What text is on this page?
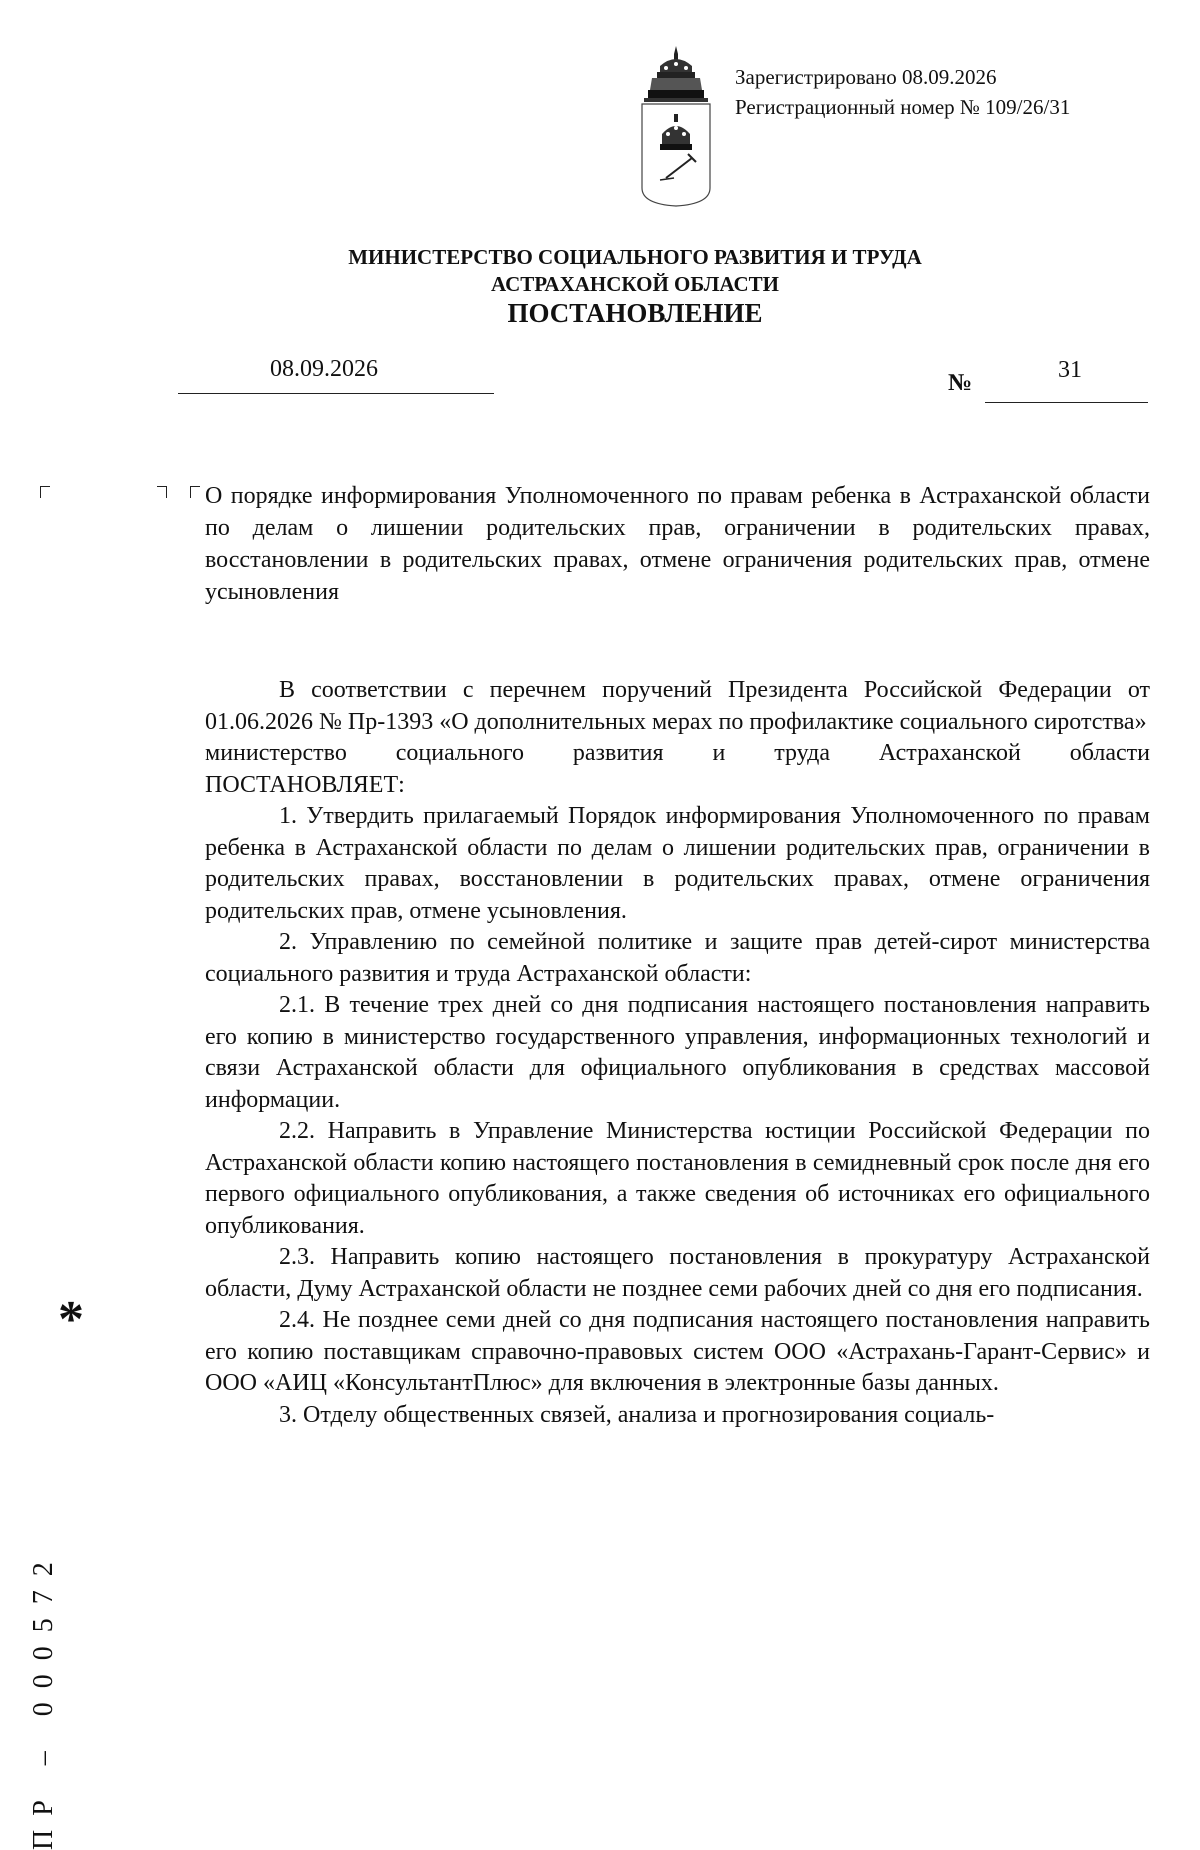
Зарегистрировано 08.09.2026
Регистрационный номер № 109/26/31
МИНИСТЕРСТВО СОЦИАЛЬНОГО РАЗВИТИЯ И ТРУДА
АСТРАХАНСКОЙ ОБЛАСТИ
ПОСТАНОВЛЕНИЕ
08.09.2026
№	31
О порядке информирования Уполномоченного по правам ребенка в Астраханской области по делам о лишении родительских прав, ограничении в родительских правах, восстановлении в родительских правах, отмене ограничения родительских прав, отмене усыновления

В соответствии с перечнем поручений Президента Российской Федерации от 01.06.2026 № Пр-1393 «О дополнительных мерах по профилактике социального сиротства»

министерство социального развития и труда Астраханской области

ПОСТАНОВЛЯЕТ:

1. Утвердить прилагаемый Порядок информирования Уполномоченного по правам ребенка в Астраханской области по делам о лишении родительских прав, ограничении в родительских правах, восстановлении в родительских правах, отмене ограничения родительских прав, отмене усыновления.

2. Управлению по семейной политике и защите прав детей-сирот министерства социального развития и труда Астраханской области:

2.1. В течение трех дней со дня подписания настоящего постановления направить его копию в министерство государственного управления, информационных технологий и связи Астраханской области для официального опубликования в средствах массовой информации.

2.2. Направить в Управление Министерства юстиции Российской Федерации по Астраханской области копию настоящего постановления в семидневный срок после дня его первого официального опубликования, а также сведения об источниках его официального опубликования.

2.3. Направить копию настоящего постановления в прокуратуру Астраханской области, Думу Астраханской области не позднее семи рабочих дней со дня его подписания.

2.4. Не позднее семи дней со дня подписания настоящего постановления направить его копию поставщикам справочно-правовых систем ООО «Астрахань-Гарант-Сервис» и ООО «АИЦ «КонсультантПлюс» для включения в электронные базы данных.

3. Отделу общественных связей, анализа и прогнозирования социаль-

*
ПР – 000572
